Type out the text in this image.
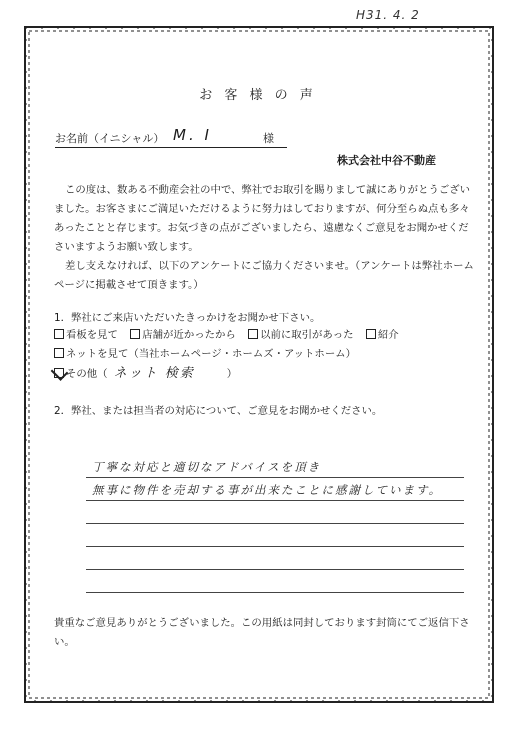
H31. 4. 2
お 客 様 の 声
お名前（イニシャル） M. I	様
株式会社中谷不動産
この度は、数ある不動産会社の中で、弊社でお取引を賜りまして誠にありがとうございました。お客さまにご満足いただけるように努力はしておりますが、何分至らぬ点も多々あったことと存じます。お気づきの点がございましたら、遠慮なくご意見をお聞かせくださいますようお願い致します。
差し支えなければ、以下のアンケートにご協力くださいませ。（アンケートは弊社ホームページに掲載させて頂きます。）
1．弊社にご来店いただいたきっかけをお聞かせ下さい。
看板を見て 店舗が近かったから 以前に取引があった 紹介
ネットを見て（当社ホームページ・ホームズ・アットホーム）
その他（ ネット 検索	）
2．弊社、または担当者の対応について、ご意見をお聞かせください。
丁寧な対応と適切なアドバイスを頂き
無事に物件を売却する事が出来たことに感謝しています。
貴重なご意見ありがとうございました。この用紙は同封しております封筒にてご返信下さい。
